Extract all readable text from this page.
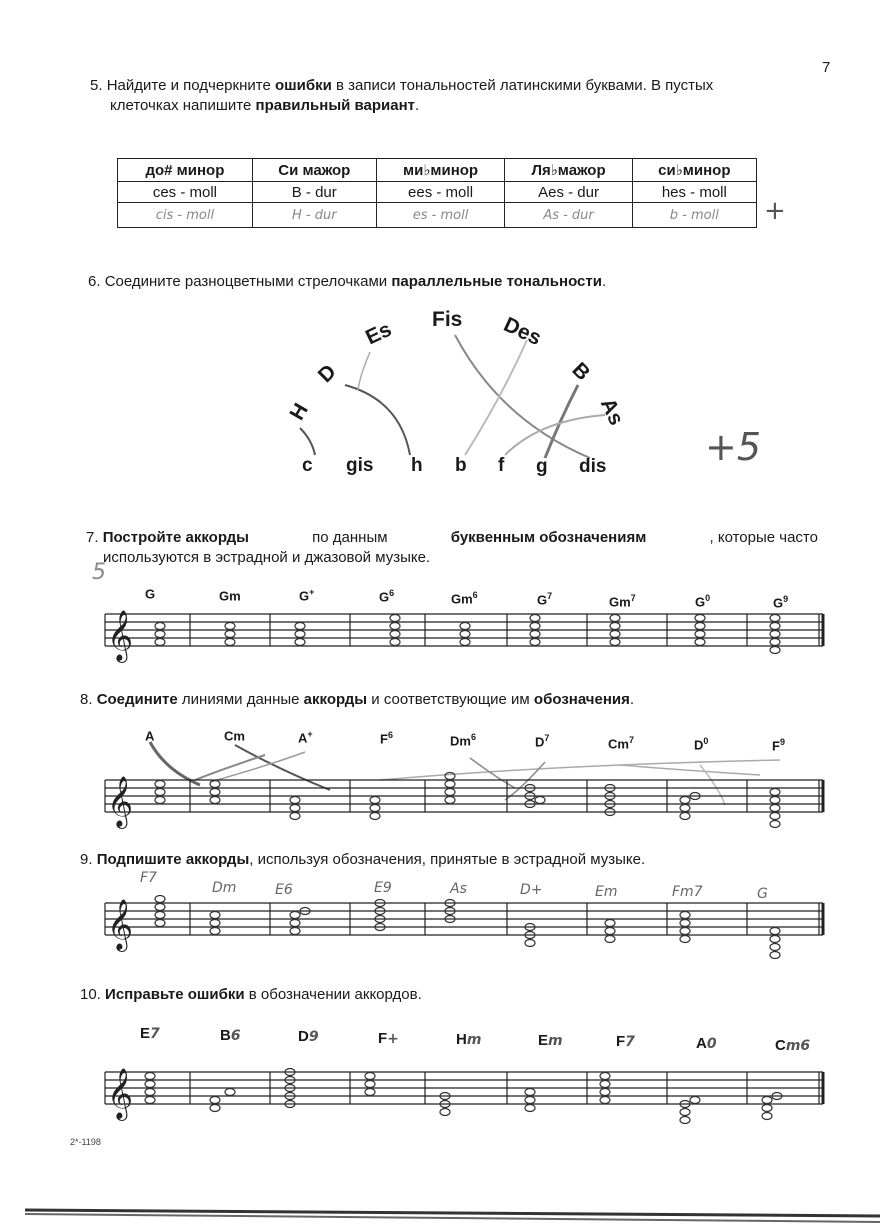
7
5. Найдите и подчеркните ошибки в записи тональностей латинскими буквами. В пустых
клеточках напишите правильный вариант.
до# минор	Си мажор	ми♭минор	Ля♭мажор	си♭минор
ces - moll	B - dur	ees - moll	Aes - dur	hes - moll
cis - moll	H - dur	es - moll	As - dur	b - moll +
6. Соедините разноцветными стрелочками параллельные тональности.
H
D
Es Fis Des
B
As
c gis h b f g dis	+5
7. Постройте аккорды	по данным	буквенным обозначениям	, которые часто
используются в эстрадной и джазовой музыке.
5
G	Gm	G+	$G^6$	Gm$^6$	$G^7$	Gm$^7$	$G^0$	$G^9$
𝄞
8. Соедините линиями данные аккорды и соответствующие им обозначения.
A	Cm	A+	$F^6$	Dm$^6$	$D^7$	Cm$^7$	$D^0$	$F^9$
𝄞
9. Подпишите аккорды, используя обозначения, принятые в эстрадной музыке.
F7
Dm	E6	E9	As	D+	Em	Fm7	G
𝄞
10. Исправьте ошибки в обозначении аккордов.
E7	B6	D9	F+	Hm	Em	F7	A0	Cm6
𝄞
2*-1198
